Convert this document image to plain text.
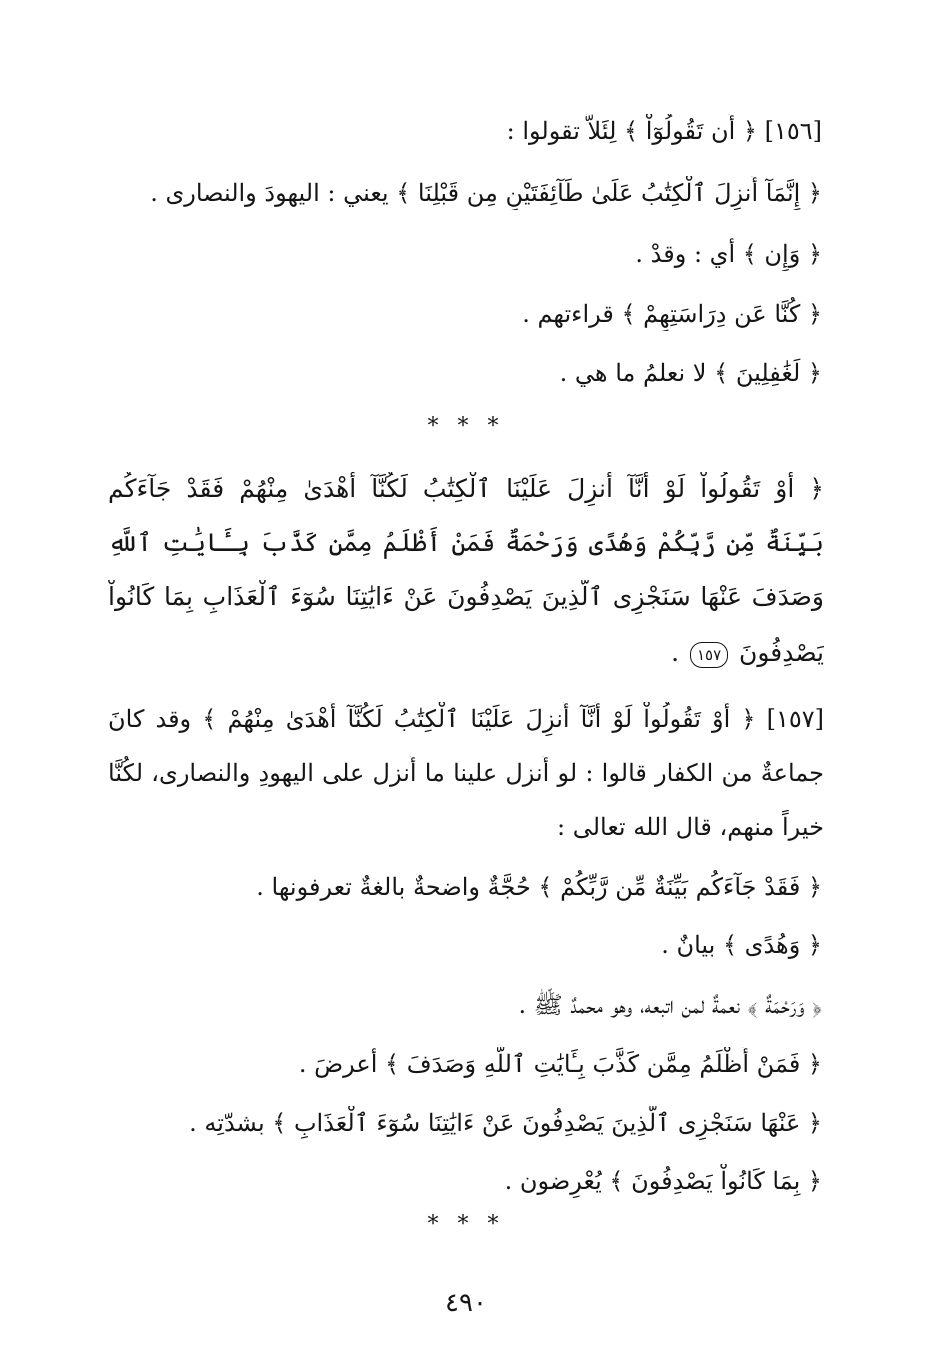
[١٥٦] ﴿ أَن تَقُولُوٓاْ ﴾ لِئَلاَّ تقولوا :
﴿ إِنَّمَآ أُنزِلَ ٱلْكِتَٰبُ عَلَىٰ طَآئِفَتَيْنِ مِن قَبْلِنَا ﴾ يعني : اليهودَ والنصارى .
﴿ وَإِن ﴾ أي : وقدْ .
﴿ كُنَّا عَن دِرَاسَتِهِمْ ﴾ قراءتهم .
﴿ لَغَٰفِلِينَ ﴾ لا نعلمُ ما هي .
* * *
﴿ أَوْ تَقُولُواْ لَوْ أَنَّآ أُنزِلَ عَلَيْنَا ٱلْكِتَٰبُ لَكُنَّآ أَهْدَىٰ مِنْهُمْ فَقَدْ جَآءَكُم
بَيِّنَةٌ مِّن رَّبِّكُمْ وَهُدًى وَرَحْمَةٌ فَمَنْ أَظْلَمُ مِمَّن كَذَّبَ بِـَٔايَٰتِ ٱللَّهِ
وَصَدَفَ عَنْهَا سَنَجْزِى ٱلَّذِينَ يَصْدِفُونَ عَنْ ءَايَٰتِنَا سُوٓءَ ٱلْعَذَابِ بِمَا كَانُواْ
يَصْدِفُونَ ١٥٧ .
[١٥٧] ﴿ أَوْ تَقُولُواْ لَوْ أَنَّآ أُنزِلَ عَلَيْنَا ٱلْكِتَٰبُ لَكُنَّآ أَهْدَىٰ مِنْهُمْ ﴾ وقد كانَ
جماعةٌ من الكفار قالوا : لو أُنزل علينا ما أُنزل على اليهودِ والنصارى، لكُنَّا
خيراً منهم، قال الله تعالى :
﴿ فَقَدْ جَآءَكُم بَيِّنَةٌ مِّن رَّبِّكُمْ ﴾ حُجَّةٌ واضحةٌ بالغةٌ تعرفونها .
﴿ وَهُدًى ﴾ بيانٌ .
﴿ وَرَحْمَةٌ ﴾ نعمةٌ لمن اتبعه، وهو محمدٌ ﷺ .
﴿ فَمَنْ أَظْلَمُ مِمَّن كَذَّبَ بِـَٔايَٰتِ ٱللَّهِ وَصَدَفَ ﴾ أعرضَ .
﴿ عَنْهَا سَنَجْزِى ٱلَّذِينَ يَصْدِفُونَ عَنْ ءَايَٰتِنَا سُوٓءَ ٱلْعَذَابِ ﴾ بشدّتِه .
﴿ بِمَا كَانُواْ يَصْدِفُونَ ﴾ يُعْرِضون .
* * *
٤٩٠
